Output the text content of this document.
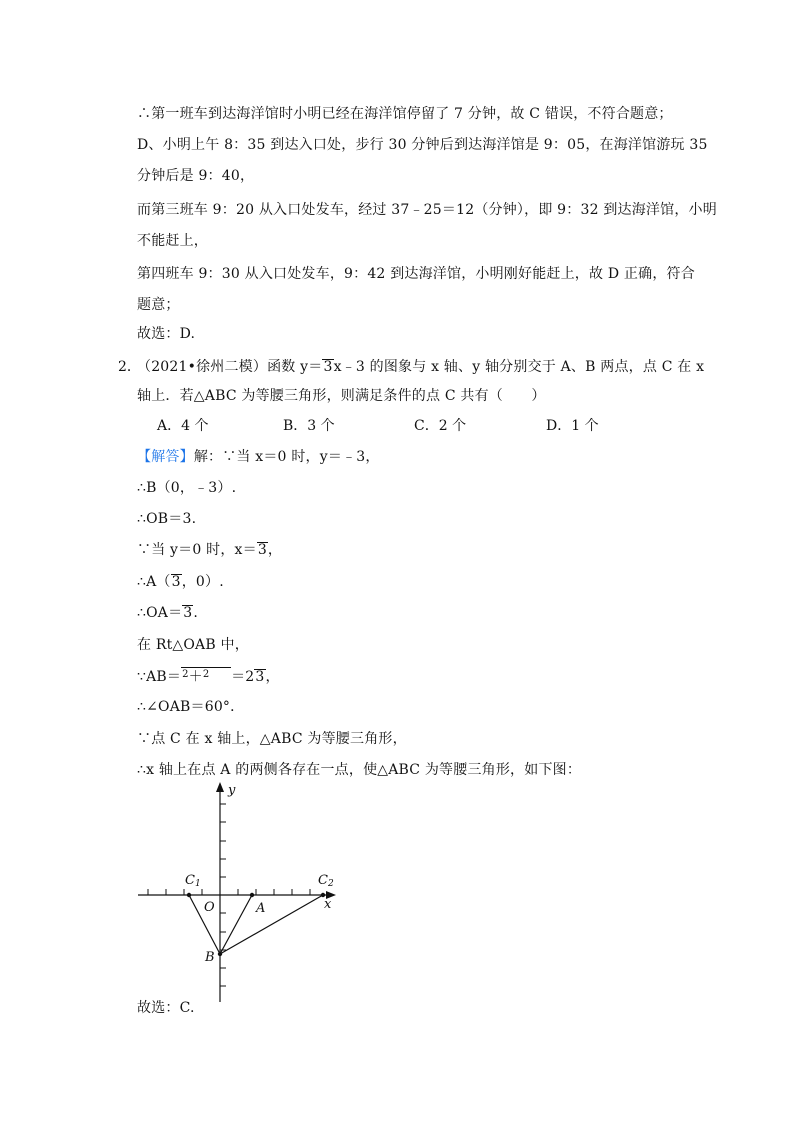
∴第一班车到达海洋馆时小明已经在海洋馆停留了 7 分钟，故 C 错误，不符合题意；
D、小明上午 8：35 到达入口处，步行 30 分钟后到达海洋馆是 9：05，在海洋馆游玩 35
分钟后是 9：40，
而第三班车 9：20 从入口处发车，经过 37﹣25＝12（分钟），即 9：32 到达海洋馆，小明
不能赶上，
第四班车 9：30 从入口处发车，9：42 到达海洋馆，小明刚好能赶上，故 D 正确，符合
题意；
故选：D.
2．
（2021•徐州二模）函数 y＝3x﹣3 的图象与 x 轴、y 轴分别交于 A、B 两点，点 C 在 x
轴上．若△ABC 为等腰三角形，则满足条件的点 C 共有（　　）
A．4 个	B．3 个	C．2 个	D．1 个
【解答】解：∵当 x＝0 时，y＝﹣3，
∴B（0，﹣3）.
∴OB＝3.
∵当 y＝0 时，x＝3，
∴A（3，0）.
∴OA＝3.
在 Rt△OAB 中，
∵AB＝$^2$＋$^2$ ＝23，
∴∠OAB＝60°．
∵点 C 在 x 轴上，△ABC 为等腰三角形，
∴x 轴上在点 A 的两侧各存在一点，使△ABC 为等腰三角形，如下图：
y
x
O	A
B
C1	C2
故选：C.
